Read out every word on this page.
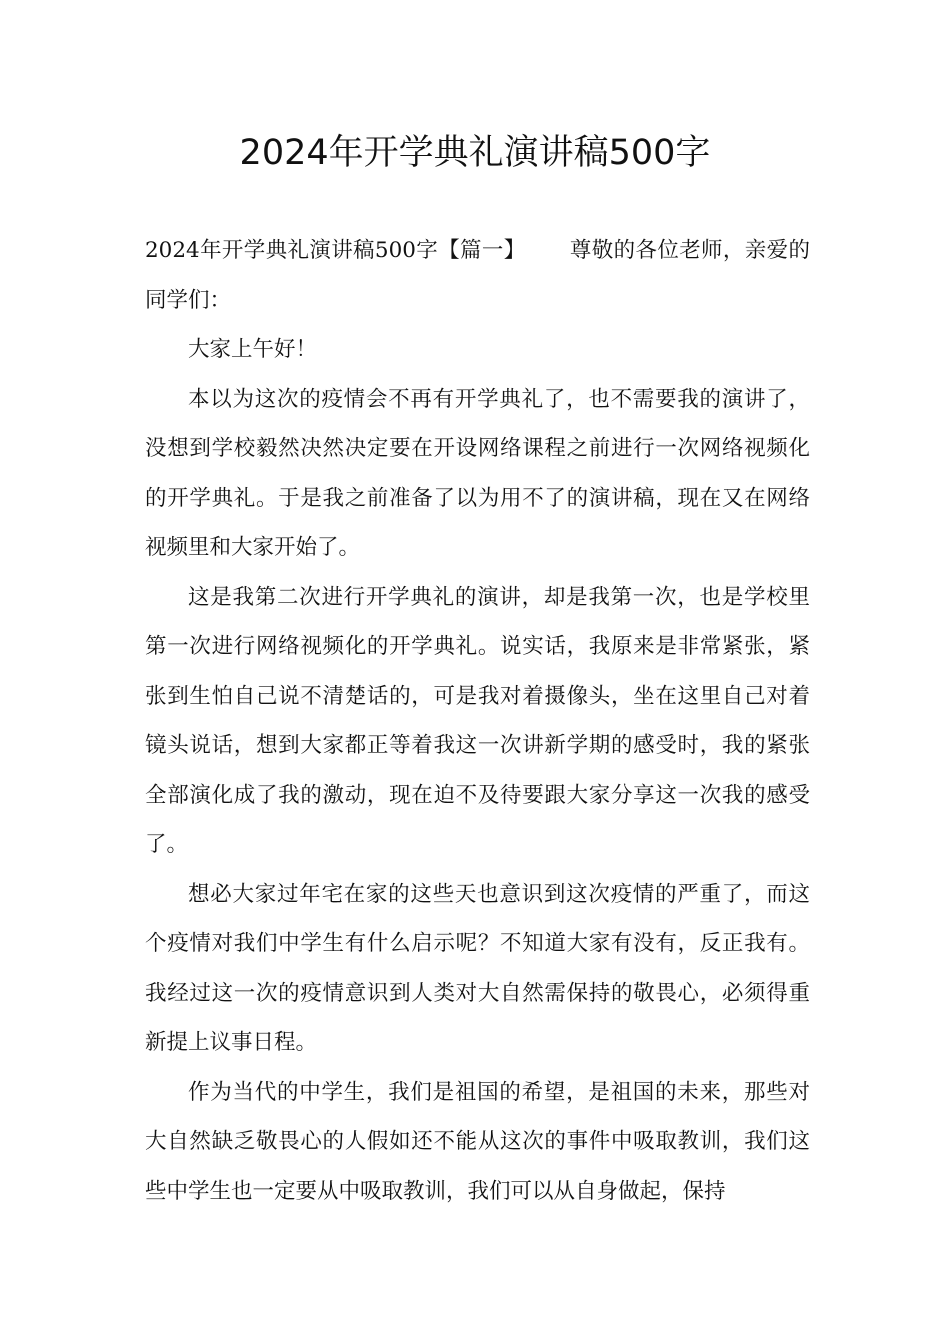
2024年开学典礼演讲稿500字

2024年开学典礼演讲稿500字【篇一】 尊敬的各位老师，亲爱的同学们：

大家上午好！

本以为这次的疫情会不再有开学典礼了，也不需要我的演讲了，没想到学校毅然决然决定要在开设网络课程之前进行一次网络视频化的开学典礼。于是我之前准备了以为用不了的演讲稿，现在又在网络视频里和大家开始了。

这是我第二次进行开学典礼的演讲，却是我第一次，也是学校里第一次进行网络视频化的开学典礼。说实话，我原来是非常紧张，紧张到生怕自己说不清楚话的，可是我对着摄像头，坐在这里自己对着镜头说话，想到大家都正等着我这一次讲新学期的感受时，我的紧张全部演化成了我的激动，现在迫不及待要跟大家分享这一次我的感受了。

想必大家过年宅在家的这些天也意识到这次疫情的严重了，而这个疫情对我们中学生有什么启示呢？不知道大家有没有，反正我有。我经过这一次的疫情意识到人类对大自然需保持的敬畏心，必须得重新提上议事日程。

作为当代的中学生，我们是祖国的希望，是祖国的未来，那些对大自然缺乏敬畏心的人假如还不能从这次的事件中吸取教训，我们这些中学生也一定要从中吸取教训，我们可以从自身做起，保持
